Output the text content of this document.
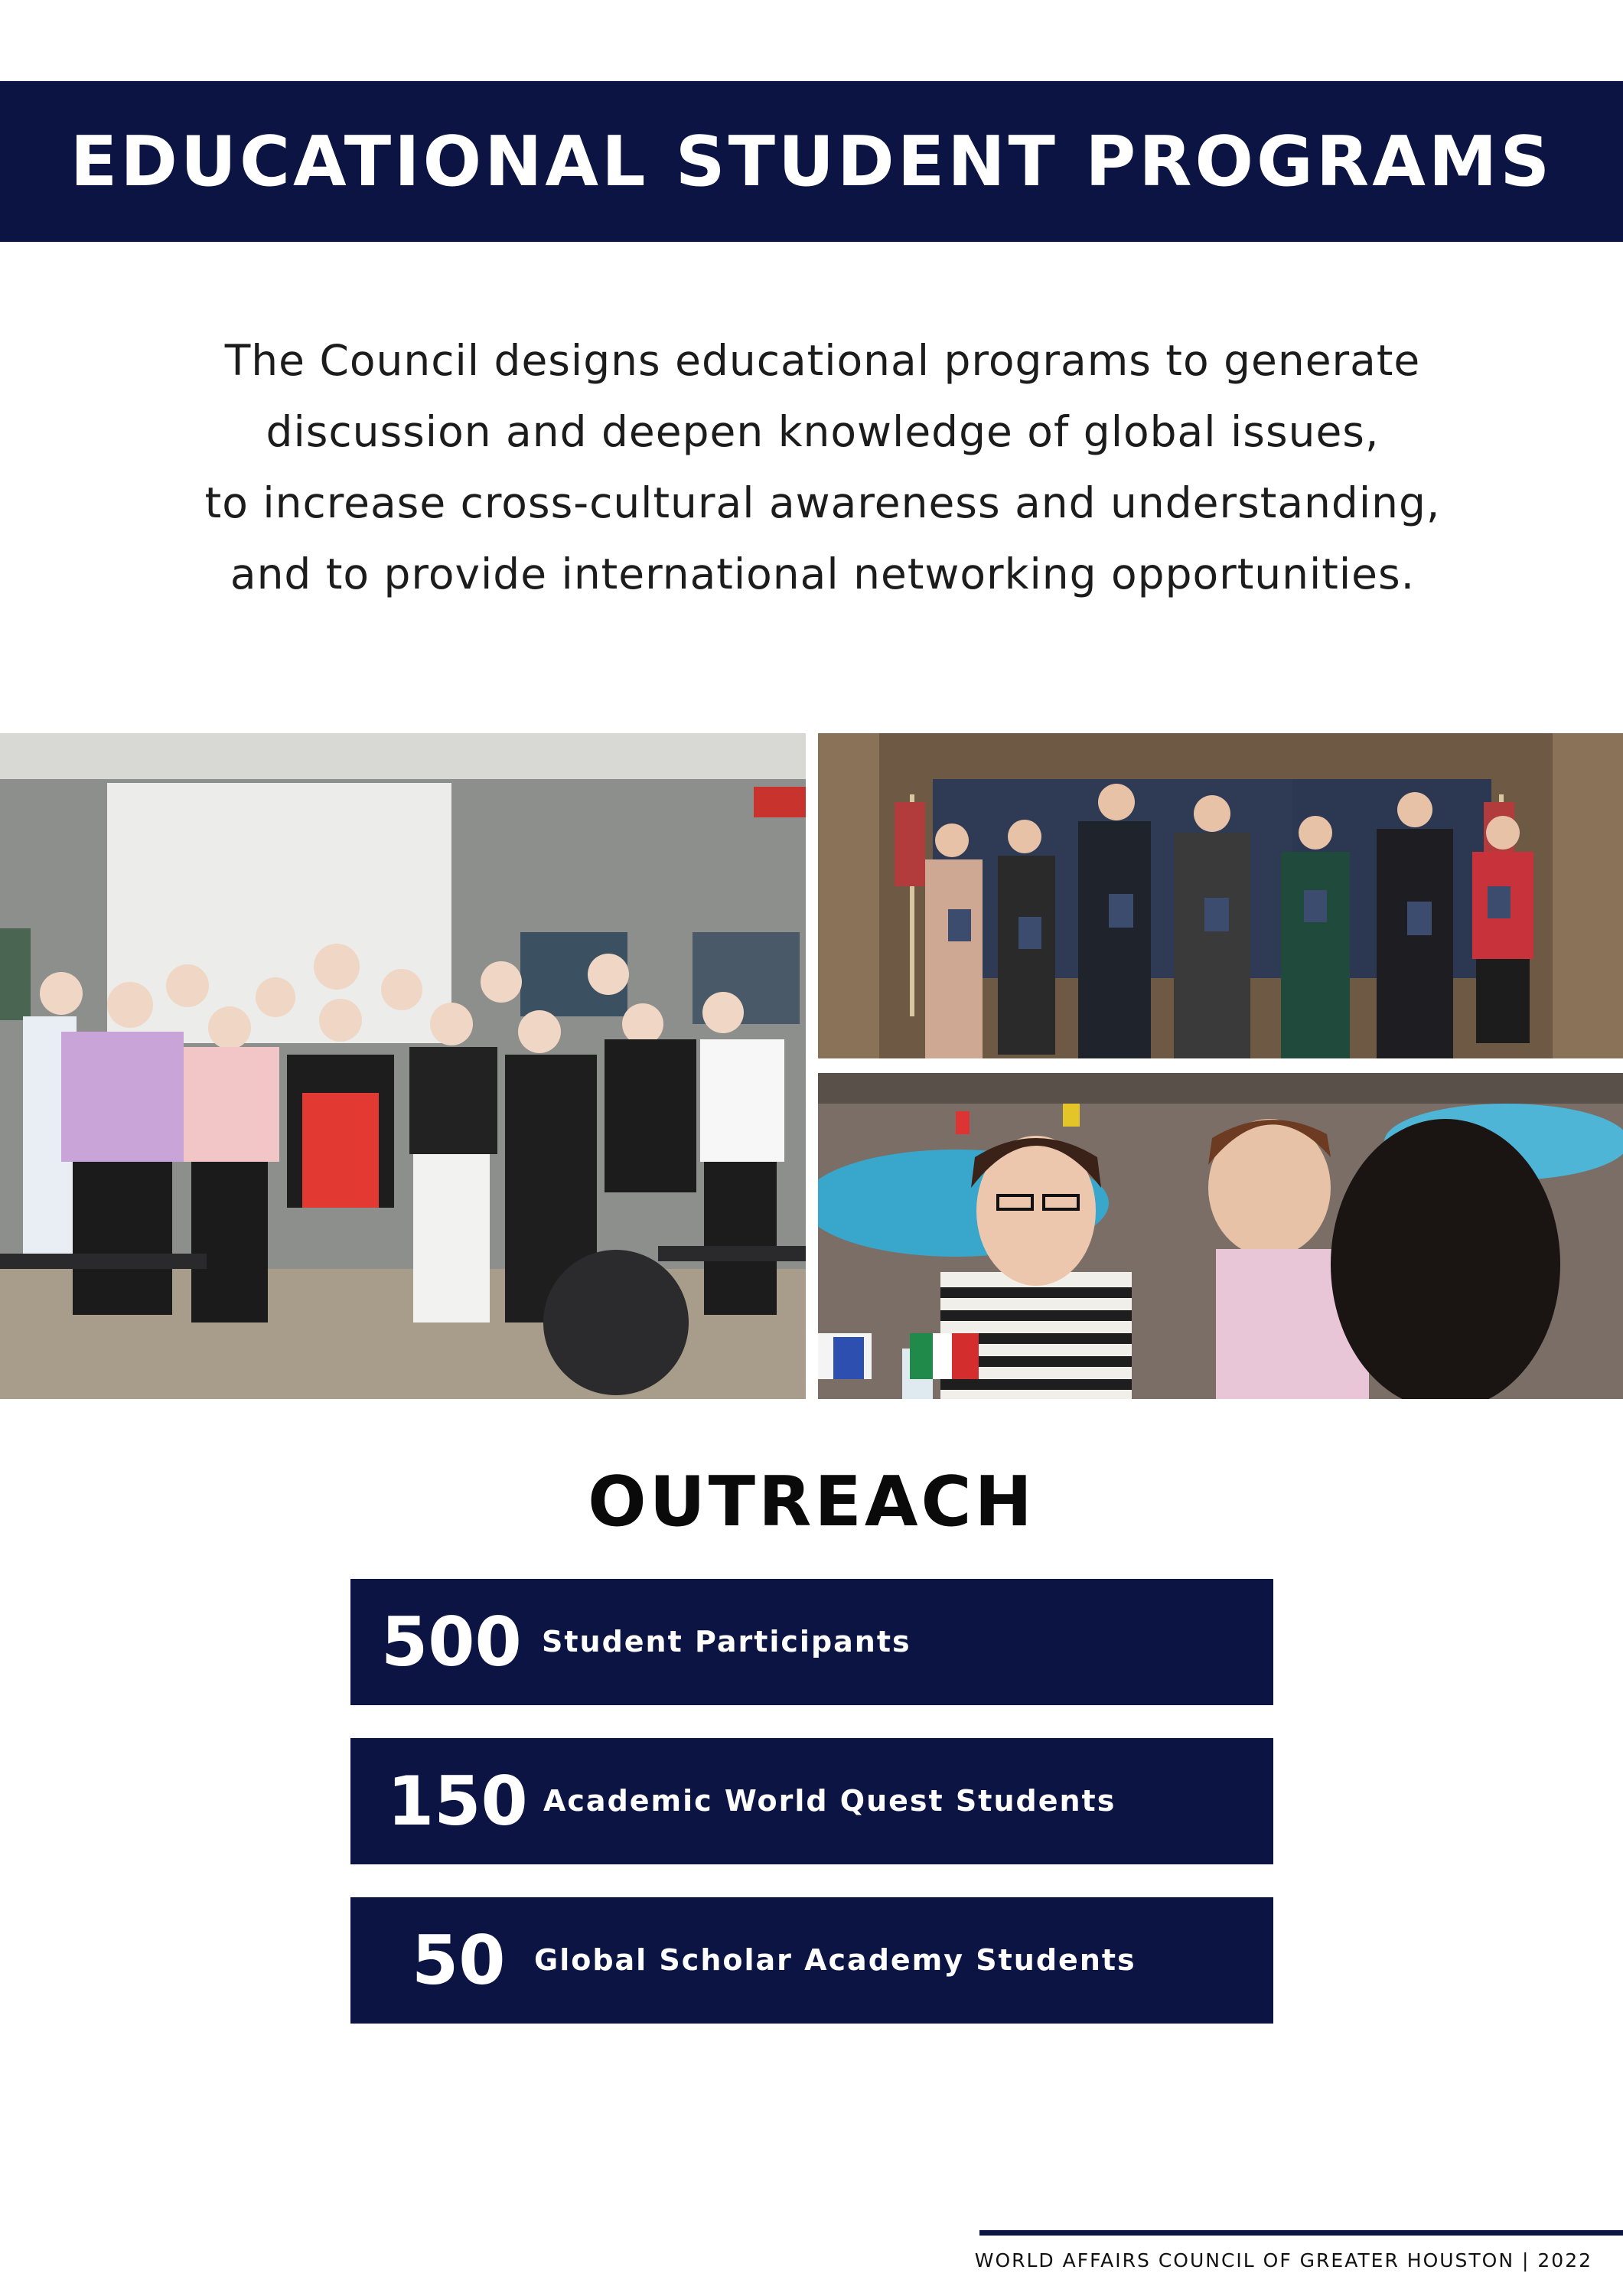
EDUCATIONAL STUDENT PROGRAMS
The Council designs educational programs to generate
discussion and deepen knowledge of global issues,
to increase cross-cultural awareness and understanding,
and to provide international networking opportunities.
OUTREACH
500 Student Participants
150 Academic World Quest Students
50 Global Scholar Academy Students
WORLD AFFAIRS COUNCIL OF GREATER HOUSTON | 2022
